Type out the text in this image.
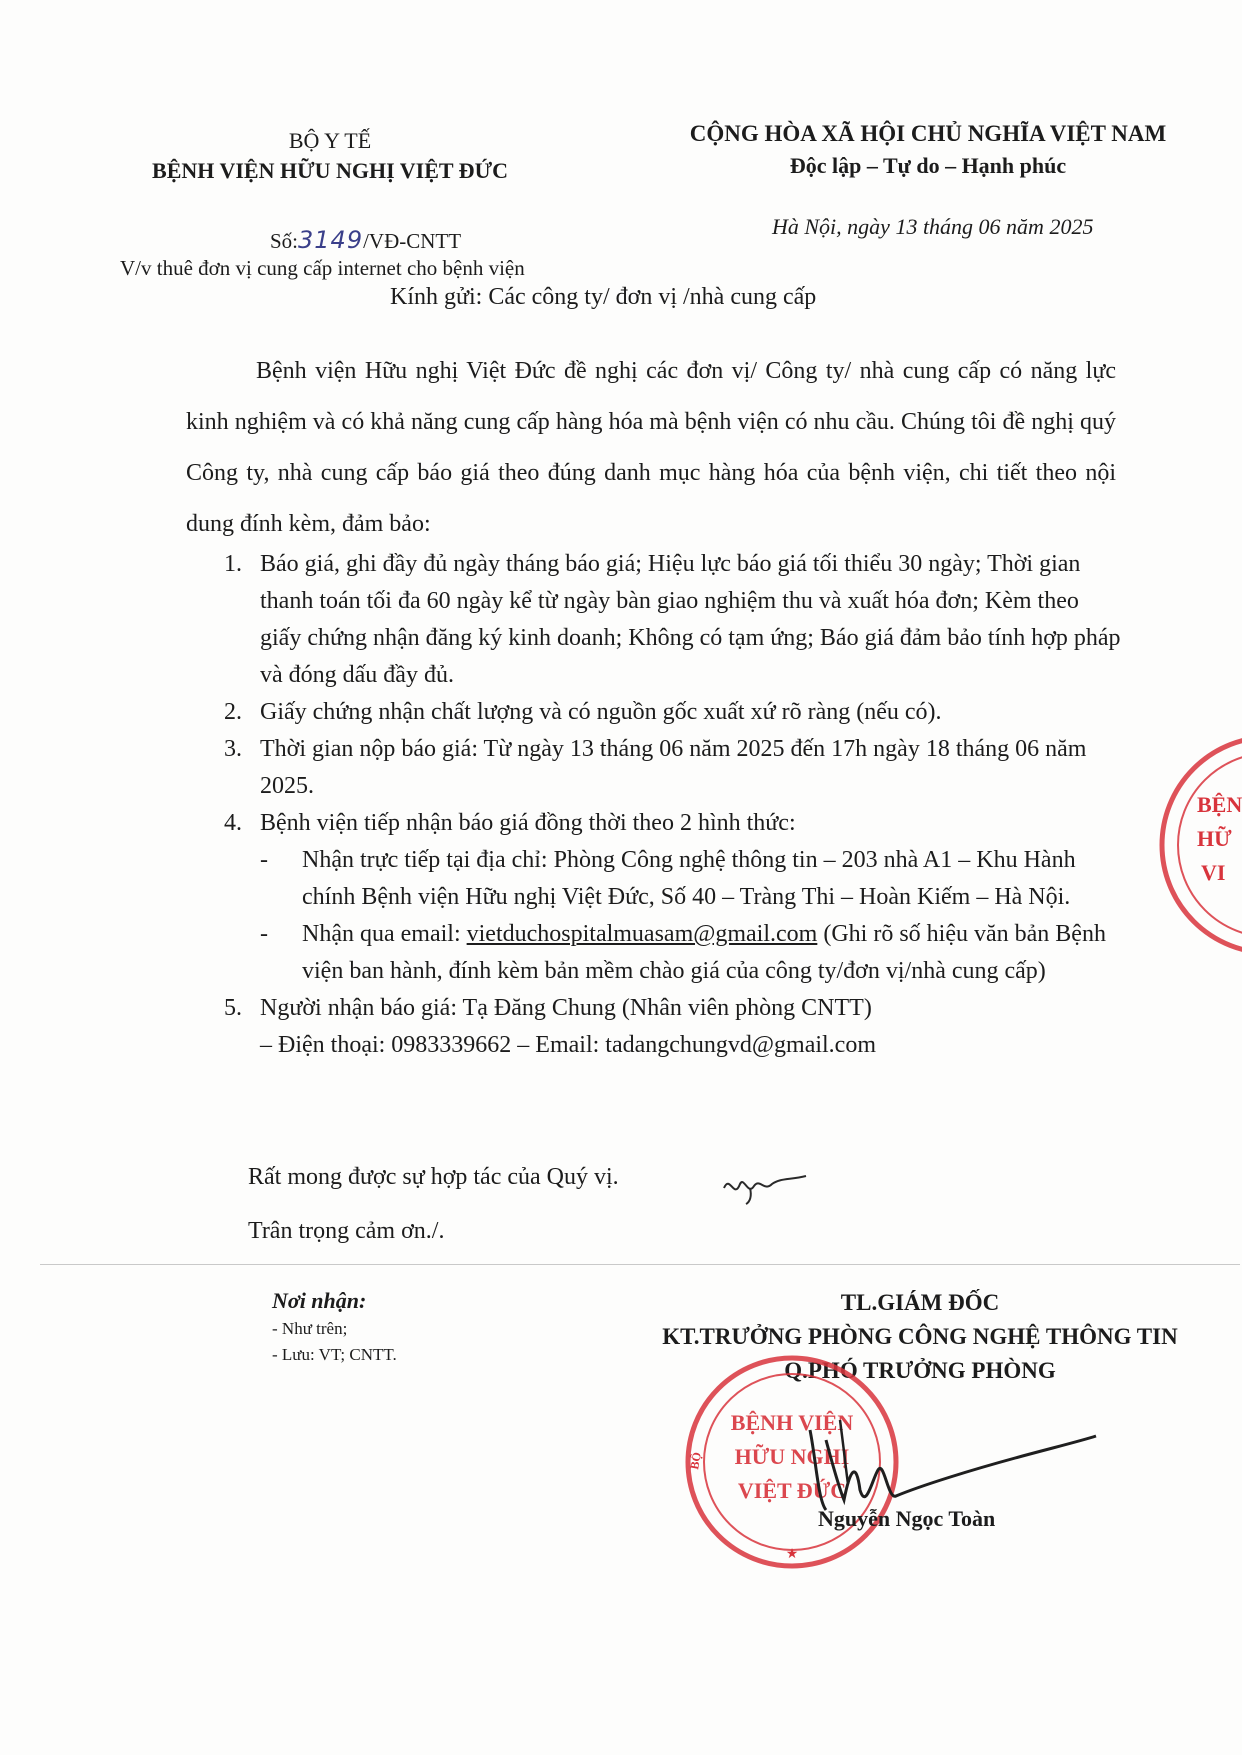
BỘ Y TẾ
BỆNH VIỆN HỮU NGHỊ VIỆT ĐỨC
CỘNG HÒA XÃ HỘI CHỦ NGHĨA VIỆT NAM
Độc lập – Tự do – Hạnh phúc
Số:3149/VĐ-CNTT
Hà Nội, ngày 13 tháng 06 năm 2025
V/v thuê đơn vị cung cấp internet cho bệnh viện
Kính gửi: Các công ty/ đơn vị /nhà cung cấp

Bệnh viện Hữu nghị Việt Đức đề nghị các đơn vị/ Công ty/ nhà cung cấp có năng lực kinh nghiệm và có khả năng cung cấp hàng hóa mà bệnh viện có nhu cầu. Chúng tôi đề nghị quý Công ty, nhà cung cấp báo giá theo đúng danh mục hàng hóa của bệnh viện, chi tiết theo nội dung đính kèm, đảm bảo:

1. Báo giá, ghi đầy đủ ngày tháng báo giá; Hiệu lực báo giá tối thiểu 30 ngày; Thời gian thanh toán tối đa 60 ngày kể từ ngày bàn giao nghiệm thu và xuất hóa đơn; Kèm theo giấy chứng nhận đăng ký kinh doanh; Không có tạm ứng; Báo giá đảm bảo tính hợp pháp và đóng dấu đầy đủ.
2. Giấy chứng nhận chất lượng và có nguồn gốc xuất xứ rõ ràng (nếu có).
3. Thời gian nộp báo giá: Từ ngày 13 tháng 06 năm 2025 đến 17h ngày 18 tháng 06 năm 2025.
4. Bệnh viện tiếp nhận báo giá đồng thời theo 2 hình thức:
- Nhận trực tiếp tại địa chỉ: Phòng Công nghệ thông tin – 203 nhà A1 – Khu Hành chính Bệnh viện Hữu nghị Việt Đức, Số 40 – Tràng Thi – Hoàn Kiếm – Hà Nội.
- Nhận qua email: vietduchospitalmuasam@gmail.com (Ghi rõ số hiệu văn bản Bệnh viện ban hành, đính kèm bản mềm chào giá của công ty/đơn vị/nhà cung cấp)
5. Người nhận báo giá: Tạ Đăng Chung (Nhân viên phòng CNTT)
– Điện thoại: 0983339662 – Email: tadangchungvd@gmail.com
Rất mong được sự hợp tác của Quý vị.
Trân trọng cảm ơn./.
Nơi nhận:
- Như trên;
- Lưu: VT; CNTT.
TL.GIÁM ĐỐC
KT.TRƯỞNG PHÒNG CÔNG NGHỆ THÔNG TIN
Q.PHÓ TRƯỞNG PHÒNG
BỆNH VIỆN
HỮU NGHỊ
VIỆT ĐỨC
BỘ
★
Nguyễn Ngọc Toàn
BỆN
HỮ
VI
